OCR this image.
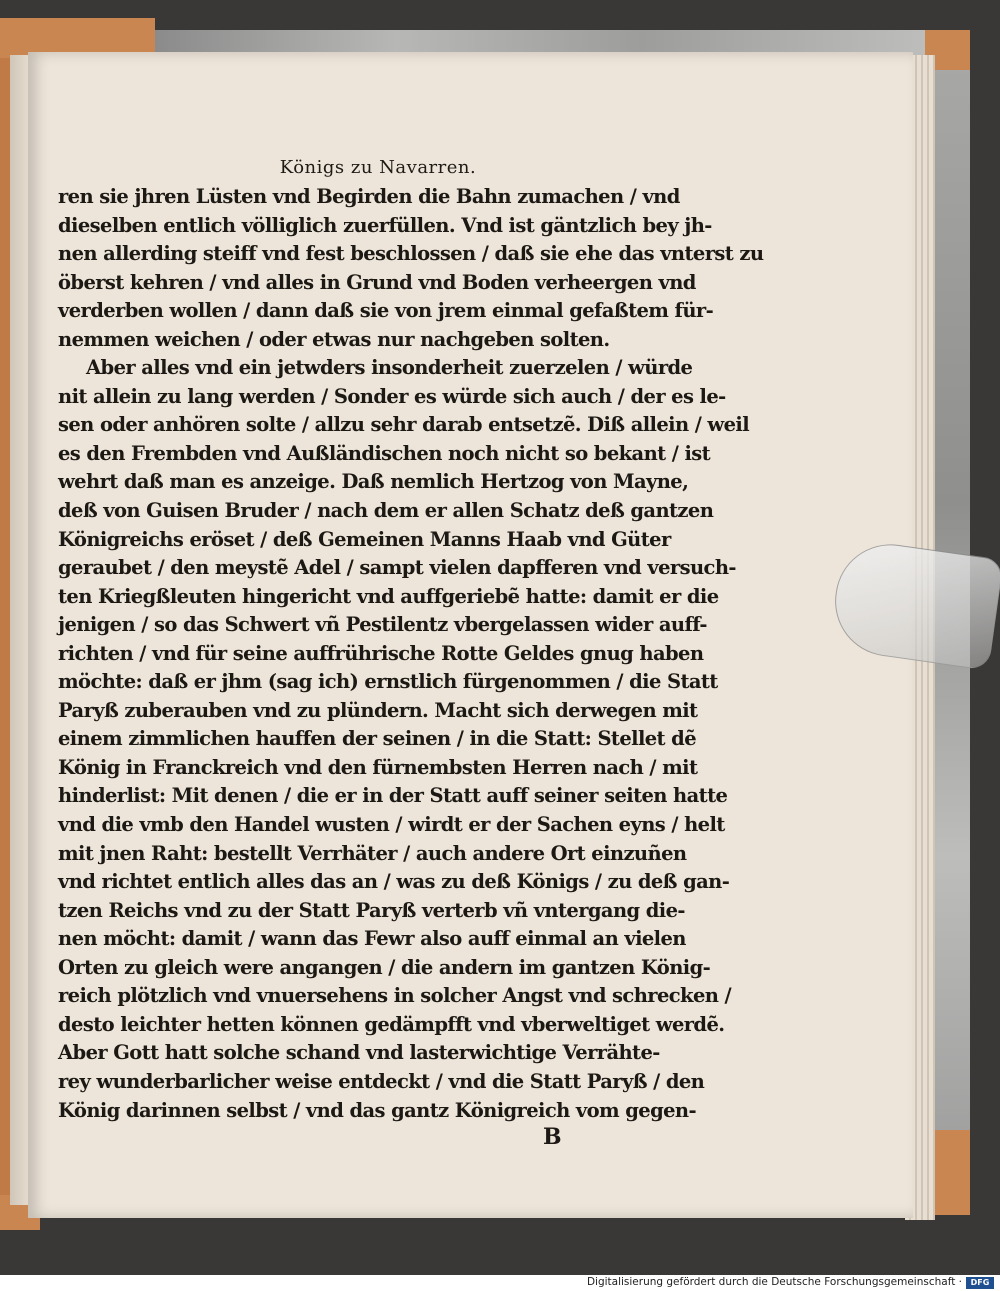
Königs zu Navarren.
ren sie jhren Lüsten vnd Begirden die Bahn zumachen / vnd
dieselben entlich völliglich zuerfüllen. Vnd ist gäntzlich bey jh-
nen allerding steiff vnd fest beschlossen / daß sie ehe das vnterst zu
öberst kehren / vnd alles in Grund vnd Boden verheergen vnd
verderben wollen / dann daß sie von jrem einmal gefaßtem für-
nemmen weichen / oder etwas nur nachgeben solten.
Aber alles vnd ein jetwders insonderheit zuerzelen / würde
nit allein zu lang werden / Sonder es würde sich auch / der es le-
sen oder anhören solte / allzu sehr darab entsetzẽ. Diß allein / weil
es den Frembden vnd Außländischen noch nicht so bekant / ist
wehrt daß man es anzeige. Daß nemlich Hertzog von Mayne,
deß von Guisen Bruder / nach dem er allen Schatz deß gantzen
Königreichs eröset / deß Gemeinen Manns Haab vnd Güter
geraubet / den meystẽ Adel / sampt vielen dapfferen vnd versuch-
ten Kriegßleuten hingericht vnd auffgeriebẽ hatte: damit er die
jenigen / so das Schwert vñ Pestilentz vbergelassen wider auff-
richten / vnd für seine auffrührische Rotte Geldes gnug haben
möchte: daß er jhm (sag ich) ernstlich fürgenommen / die Statt
Paryß zuberauben vnd zu plündern. Macht sich derwegen mit
einem zimmlichen hauffen der seinen / in die Statt: Stellet dẽ
König in Franckreich vnd den fürnembsten Herren nach / mit
hinderlist: Mit denen / die er in der Statt auff seiner seiten hatte
vnd die vmb den Handel wusten / wirdt er der Sachen eyns / helt
mit jnen Raht: bestellt Verrhäter / auch andere Ort einzuñen
vnd richtet entlich alles das an / was zu deß Königs / zu deß gan-
tzen Reichs vnd zu der Statt Paryß verterb vñ vntergang die-
nen möcht: damit / wann das Fewr also auff einmal an vielen
Orten zu gleich were angangen / die andern im gantzen König-
reich plötzlich vnd vnuersehens in solcher Angst vnd schrecken /
desto leichter hetten können gedämpfft vnd vberweltiget werdẽ.
Aber Gott hatt solche schand vnd lasterwichtige Verrähte-
rey wunderbarlicher weise entdeckt / vnd die Statt Paryß / den
König darinnen selbst / vnd das gantz Königreich vom gegen-
B
Digitalisierung gefördert durch die Deutsche Forschungsgemeinschaft ·	DFG
